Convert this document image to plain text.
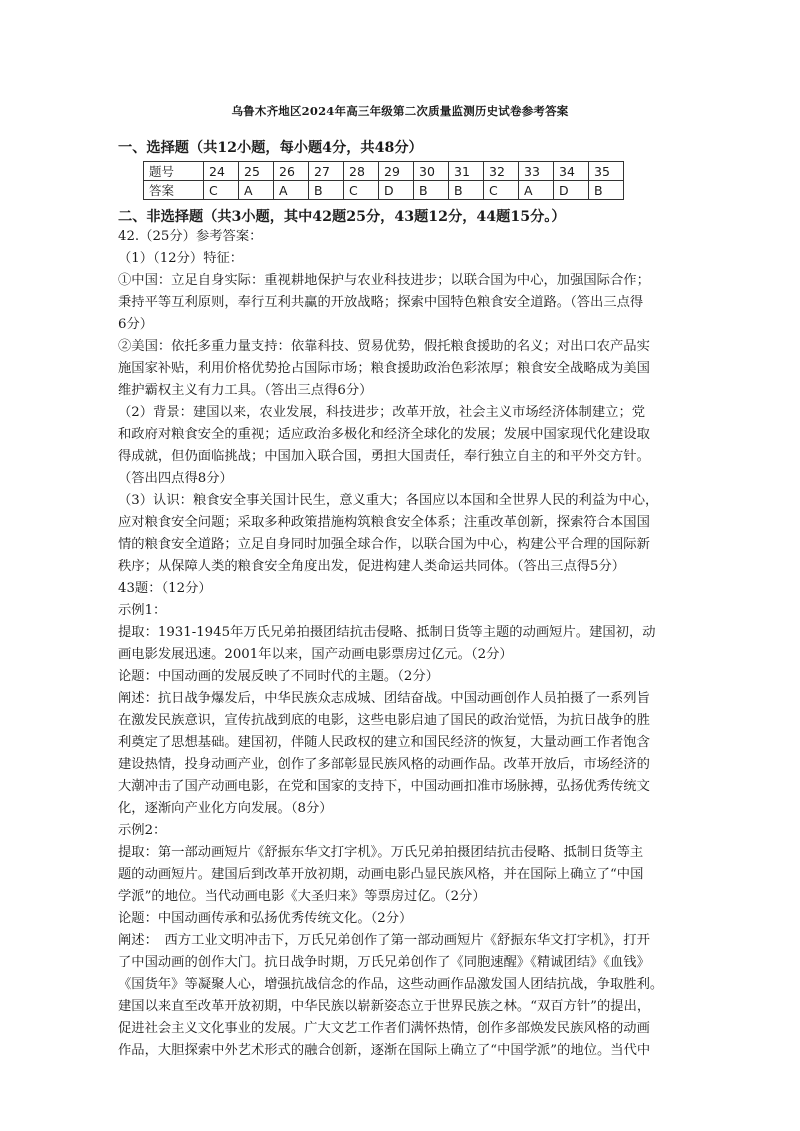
乌鲁木齐地区2024年高三年级第二次质量监测历史试卷参考答案
一、选择题（共12小题，每小题4分，共48分）
题号	24	25	26	27	28	29	30	31	32	33	34	35
答案	C	A	A	B	C	D	B	B	C	A	D	B
二、非选择题（共3小题，其中42题25分，43题12分，44题15分。）
42.（25分）参考答案：
（1）（12分）特征：
①中国：立足自身实际：重视耕地保护与农业科技进步；以联合国为中心，加强国际合作；
秉持平等互利原则，奉行互利共赢的开放战略；探索中国特色粮食安全道路。（答出三点得
6分）
②美国：依托多重力量支持：依靠科技、贸易优势，假托粮食援助的名义；对出口农产品实
施国家补贴，利用价格优势抢占国际市场；粮食援助政治色彩浓厚；粮食安全战略成为美国
维护霸权主义有力工具。（答出三点得6分）
（2）背景：建国以来，农业发展，科技进步；改革开放，社会主义市场经济体制建立；党
和政府对粮食安全的重视；适应政治多极化和经济全球化的发展；发展中国家现代化建设取
得成就，但仍面临挑战；中国加入联合国，勇担大国责任，奉行独立自主的和平外交方针。
（答出四点得8分）
（3）认识：粮食安全事关国计民生，意义重大；各国应以本国和全世界人民的利益为中心，
应对粮食安全问题；采取多种政策措施构筑粮食安全体系；注重改革创新，探索符合本国国
情的粮食安全道路；立足自身同时加强全球合作，以联合国为中心，构建公平合理的国际新
秩序；从保障人类的粮食安全角度出发，促进构建人类命运共同体。（答出三点得5分）
43题：（12分）
示例1：
提取：1931-1945年万氏兄弟拍摄团结抗击侵略、抵制日货等主题的动画短片。建国初，动
画电影发展迅速。2001年以来，国产动画电影票房过亿元。（2分）
论题：中国动画的发展反映了不同时代的主题。（2分）
阐述：抗日战争爆发后，中华民族众志成城、团结奋战。中国动画创作人员拍摄了一系列旨
在激发民族意识，宣传抗战到底的电影，这些电影启迪了国民的政治觉悟，为抗日战争的胜
利奠定了思想基础。建国初，伴随人民政权的建立和国民经济的恢复，大量动画工作者饱含
建设热情，投身动画产业，创作了多部彰显民族风格的动画作品。改革开放后，市场经济的
大潮冲击了国产动画电影，在党和国家的支持下，中国动画扣准市场脉搏，弘扬优秀传统文
化，逐渐向产业化方向发展。（8分）
示例2：
提取：第一部动画短片《舒振东华文打字机》。万氏兄弟拍摄团结抗击侵略、抵制日货等主
题的动画短片。建国后到改革开放初期，动画电影凸显民族风格，并在国际上确立了“中国
学派”的地位。当代动画电影《大圣归来》等票房过亿。（2分）
论题：中国动画传承和弘扬优秀传统文化。（2分）
阐述：　西方工业文明冲击下，万氏兄弟创作了第一部动画短片《舒振东华文打字机》，打开
了中国动画的创作大门。抗日战争时期，万氏兄弟创作了《同胞速醒》《精诚团结》《血钱》
《国货年》等凝聚人心，增强抗战信念的作品，这些动画作品激发国人团结抗战，争取胜利。
建国以来直至改革开放初期，中华民族以崭新姿态立于世界民族之林。“双百方针”的提出，
促进社会主义文化事业的发展。广大文艺工作者们满怀热情，创作多部焕发民族风格的动画
作品，大胆探索中外艺术形式的融合创新，逐渐在国际上确立了“中国学派”的地位。当代中
